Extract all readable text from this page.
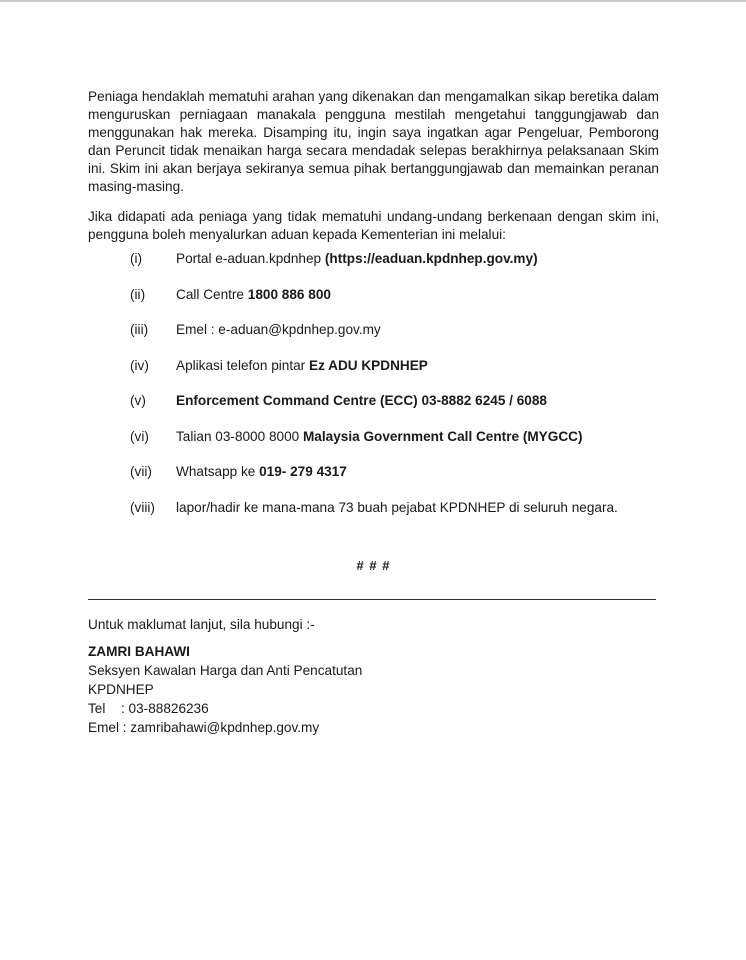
Peniaga hendaklah mematuhi arahan yang dikenakan dan mengamalkan sikap beretika dalam menguruskan perniagaan manakala pengguna mestilah mengetahui tanggungjawab dan menggunakan hak mereka. Disamping itu, ingin saya ingatkan agar Pengeluar, Pemborong dan Peruncit tidak menaikan harga secara mendadak selepas berakhirnya pelaksanaan Skim ini. Skim ini akan berjaya sekiranya semua pihak bertanggungjawab dan memainkan peranan masing-masing.

Jika didapati ada peniaga yang tidak mematuhi undang-undang berkenaan dengan skim ini, pengguna boleh menyalurkan aduan kepada Kementerian ini melalui:

(i)	Portal e-aduan.kpdnhep (https://eaduan.kpdnhep.gov.my)
(ii)	Call Centre 1800 886 800
(iii)	Emel : e-aduan@kpdnhep.gov.my
(iv)	Aplikasi telefon pintar Ez ADU KPDNHEP
(v)	Enforcement Command Centre (ECC) 03-8882 6245 / 6088
(vi)	Talian 03-8000 8000 Malaysia Government Call Centre (MYGCC)
(vii)	Whatsapp ke 019- 279 4317
(viii)	lapor/hadir ke mana-mana 73 buah pejabat KPDNHEP di seluruh negara.
# # #
Untuk maklumat lanjut, sila hubungi :-
ZAMRI BAHAWI
Seksyen Kawalan Harga dan Anti Pencatutan
KPDNHEP
Tel : 03-88826236
Emel : zamribahawi@kpdnhep.gov.my
